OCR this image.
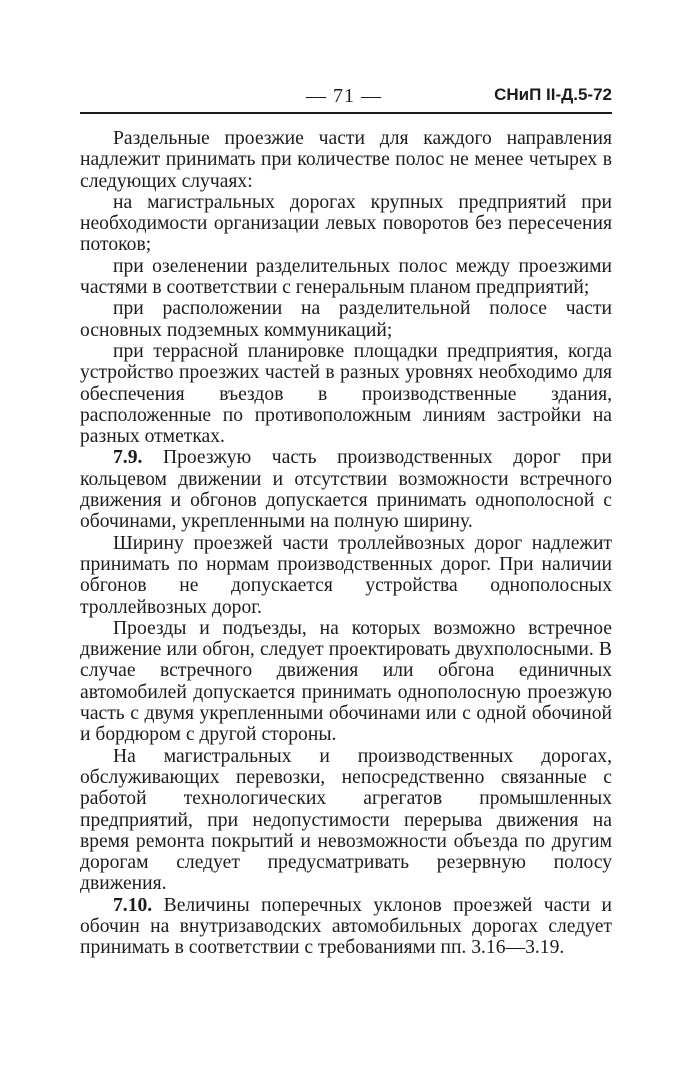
— 71 —	СНиП II-Д.5-72

Раздельные проезжие части для каждого направления надлежит принимать при количестве полос не менее четырех в следующих случаях:

на магистральных дорогах крупных предприятий при необходимости организации левых поворотов без пересечения потоков;

при озеленении разделительных полос между проезжими частями в соответствии с генеральным планом предприятий;

при расположении на разделительной полосе части основных подземных коммуникаций;

при террасной планировке площадки предприятия, когда устройство проезжих частей в разных уровнях необходимо для обеспечения въездов в производственные здания, расположенные по противоположным линиям застройки на разных отметках.

7.9. Проезжую часть производственных дорог при кольцевом движении и отсутствии возможности встречного движения и обгонов допускается принимать однополосной с обочинами, укрепленными на полную ширину.

Ширину проезжей части троллейвозных дорог надлежит принимать по нормам производственных дорог. При наличии обгонов не допускается устройства однополосных троллейвозных дорог.

Проезды и подъезды, на которых возможно встречное движение или обгон, следует проектировать двухполосными. В случае встречного движения или обгона единичных автомобилей допускается принимать однополосную проезжую часть с двумя укрепленными обочинами или с одной обочиной и бордюром с другой стороны.

На магистральных и производственных дорогах, обслуживающих перевозки, непосредственно связанные с работой технологических агрегатов промышленных предприятий, при недопустимости перерыва движения на время ремонта покрытий и невозможности объезда по другим дорогам следует предусматривать резервную полосу движения.

7.10. Величины поперечных уклонов проезжей части и обочин на внутризаводских автомобильных дорогах следует принимать в соответствии с требованиями пп. 3.16—3.19.
